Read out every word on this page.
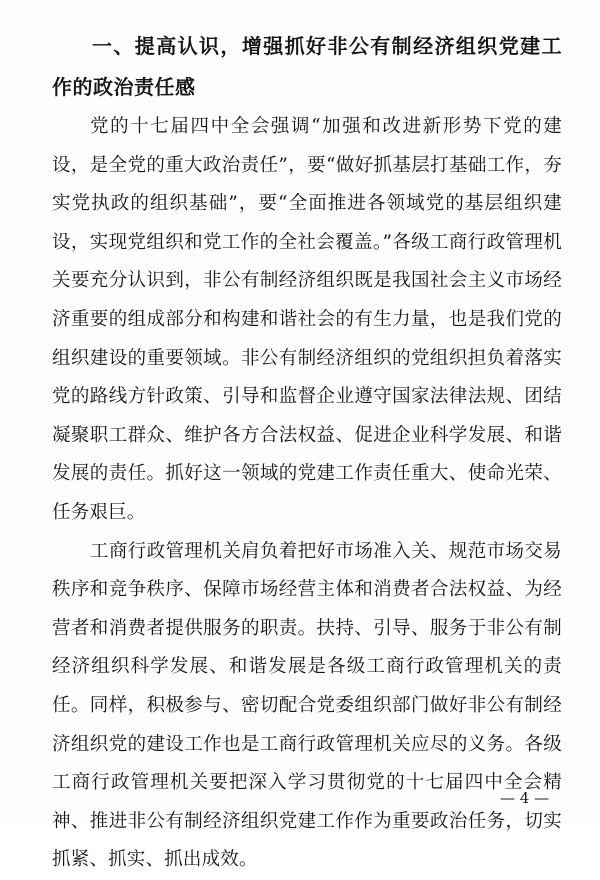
一、提高认识，增强抓好非公有制经济组织党建工作的政治责任感

党的十七届四中全会强调“加强和改进新形势下党的建设，是全党的重大政治责任”，要“做好抓基层打基础工作，夯实党执政的组织基础”，要“全面推进各领域党的基层组织建设，实现党组织和党工作的全社会覆盖。”各级工商行政管理机关要充分认识到，非公有制经济组织既是我国社会主义市场经济重要的组成部分和构建和谐社会的有生力量，也是我们党的组织建设的重要领域。非公有制经济组织的党组织担负着落实党的路线方针政策、引导和监督企业遵守国家法律法规、团结凝聚职工群众、维护各方合法权益、促进企业科学发展、和谐发展的责任。抓好这一领域的党建工作责任重大、使命光荣、任务艰巨。

工商行政管理机关肩负着把好市场准入关、规范市场交易秩序和竞争秩序、保障市场经营主体和消费者合法权益、为经营者和消费者提供服务的职责。扶持、引导、服务于非公有制经济组织科学发展、和谐发展是各级工商行政管理机关的责任。同样，积极参与、密切配合党委组织部门做好非公有制经济组织党的建设工作也是工商行政管理机关应尽的义务。各级工商行政管理机关要把深入学习贯彻党的十七届四中全会精神、推进非公有制经济组织党建工作作为重要政治任务，切实抓紧、抓实、抓出成效。

— 4 —
